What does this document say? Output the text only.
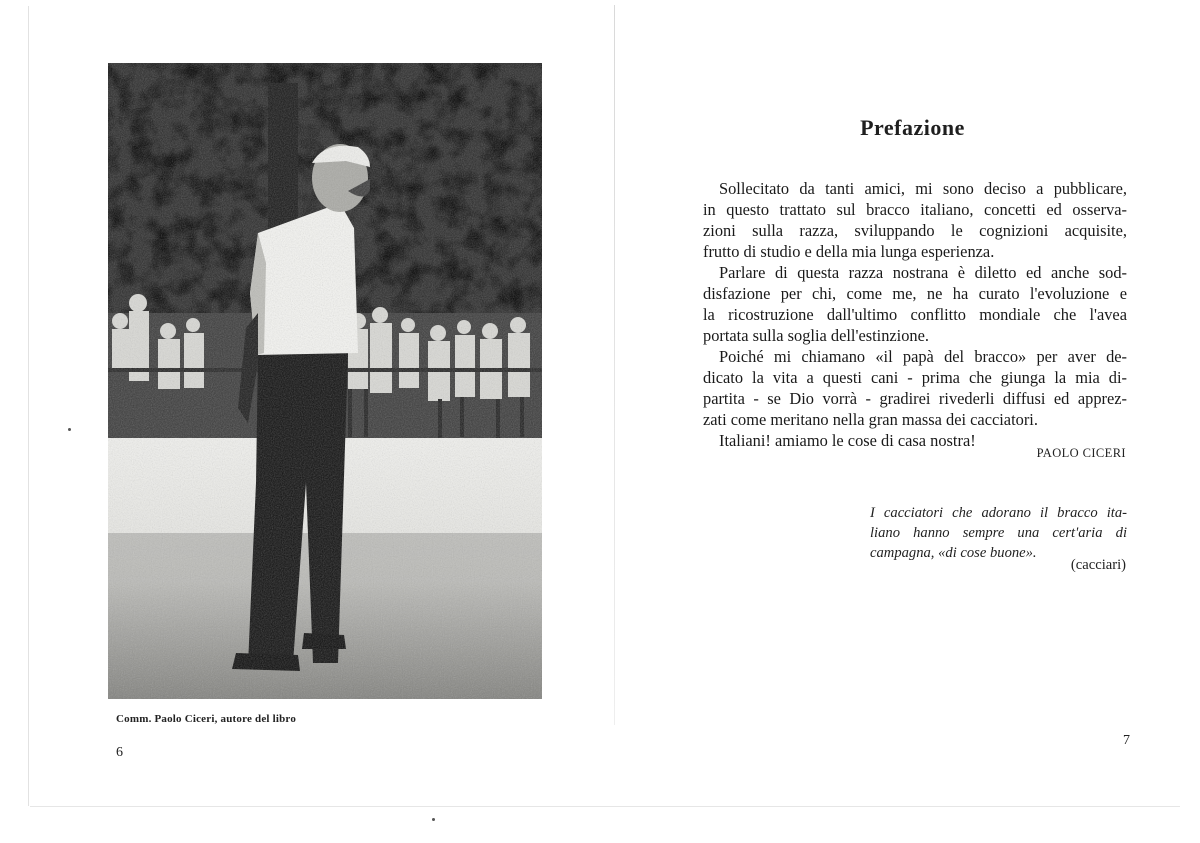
Comm. Paolo Ciceri, autore del libro
6
Prefazione
Sollecitato da tanti amici, mi sono deciso a pubblicare,
in questo trattato sul bracco italiano, concetti ed osserva-
zioni sulla razza, sviluppando le cognizioni acquisite,
frutto di studio e della mia lunga esperienza.
Parlare di questa razza nostrana è diletto ed anche sod-
disfazione per chi, come me, ne ha curato l'evoluzione e
la ricostruzione dall'ultimo conflitto mondiale che l'avea
portata sulla soglia dell'estinzione.
Poiché mi chiamano «il papà del bracco» per aver de-
dicato la vita a questi cani - prima che giunga la mia di-
partita - se Dio vorrà - gradirei rivederli diffusi ed apprez-
zati come meritano nella gran massa dei cacciatori.
Italiani! amiamo le cose di casa nostra!
PAOLO CICERI
I cacciatori che adorano il bracco ita-
liano hanno sempre una cert'aria di
campagna, «di cose buone».
(cacciari)
7
